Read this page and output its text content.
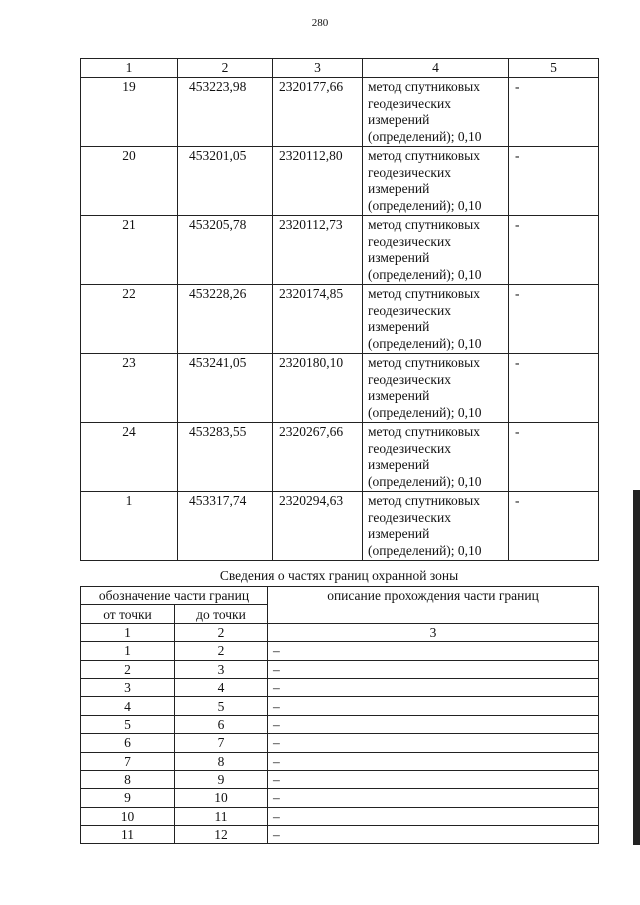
280
1	2	3	4	5
19	453223,98	2320177,66	метод спутниковых геодезических измерений (определений); 0,10	-
20	453201,05	2320112,80	метод спутниковых геодезических измерений (определений); 0,10	-
21	453205,78	2320112,73	метод спутниковых геодезических измерений (определений); 0,10	-
22	453228,26	2320174,85	метод спутниковых геодезических измерений (определений); 0,10	-
23	453241,05	2320180,10	метод спутниковых геодезических измерений (определений); 0,10	-
24	453283,55	2320267,66	метод спутниковых геодезических измерений (определений); 0,10	-
1	453317,74	2320294,63	метод спутниковых геодезических измерений (определений); 0,10	-
Сведения о частях границ охранной зоны
обозначение части границ		описание прохождения части границ
от точки	до точки	
1	2	3
1	2	–
2	3	–
3	4	–
4	5	–
5	6	–
6	7	–
7	8	–
8	9	–
9	10	–
10	11	–
11	12	–
